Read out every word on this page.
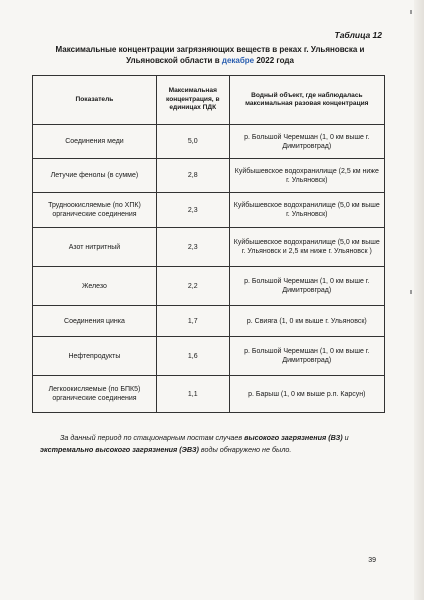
Таблица 12
Максимальные концентрации загрязняющих веществ в реках г. Ульяновска и
Ульяновской области в декабре 2022 года
Показатель	Максимальная концентрация, в единицах ПДК	Водный объект, где наблюдалась максимальная разовая концентрация
Соединения меди	5,0	р. Большой Черемшан (1, 0 км выше г. Димитровград)
Летучие фенолы (в сумме)	2,8	Куйбышевское водохранилище (2,5 км ниже г. Ульяновск)
Трудноокисляемые (по ХПК) органические соединения	2,3	Куйбышевское водохранилище (5,0 км выше г. Ульяновск)
Азот нитритный	2,3	Куйбышевское водохранилище (5,0 км выше г. Ульяновск и 2,5 км ниже г. Ульяновск )
Железо	2,2	р. Большой Черемшан (1, 0 км выше г. Димитровград)
Соединения цинка	1,7	р. Свияга (1, 0 км выше г. Ульяновск)
Нефтепродукты	1,6	р. Большой Черемшан (1, 0 км выше г. Димитровград)
Легкоокисляемые (по БПК5) органические соединения	1,1	р. Барыш (1, 0 км выше р.п. Карсун)
За данный период по стационарным постам случаев высокого загрязнения (ВЗ) и экстремально высокого загрязнения (ЭВЗ) воды обнаружено не было.
39
